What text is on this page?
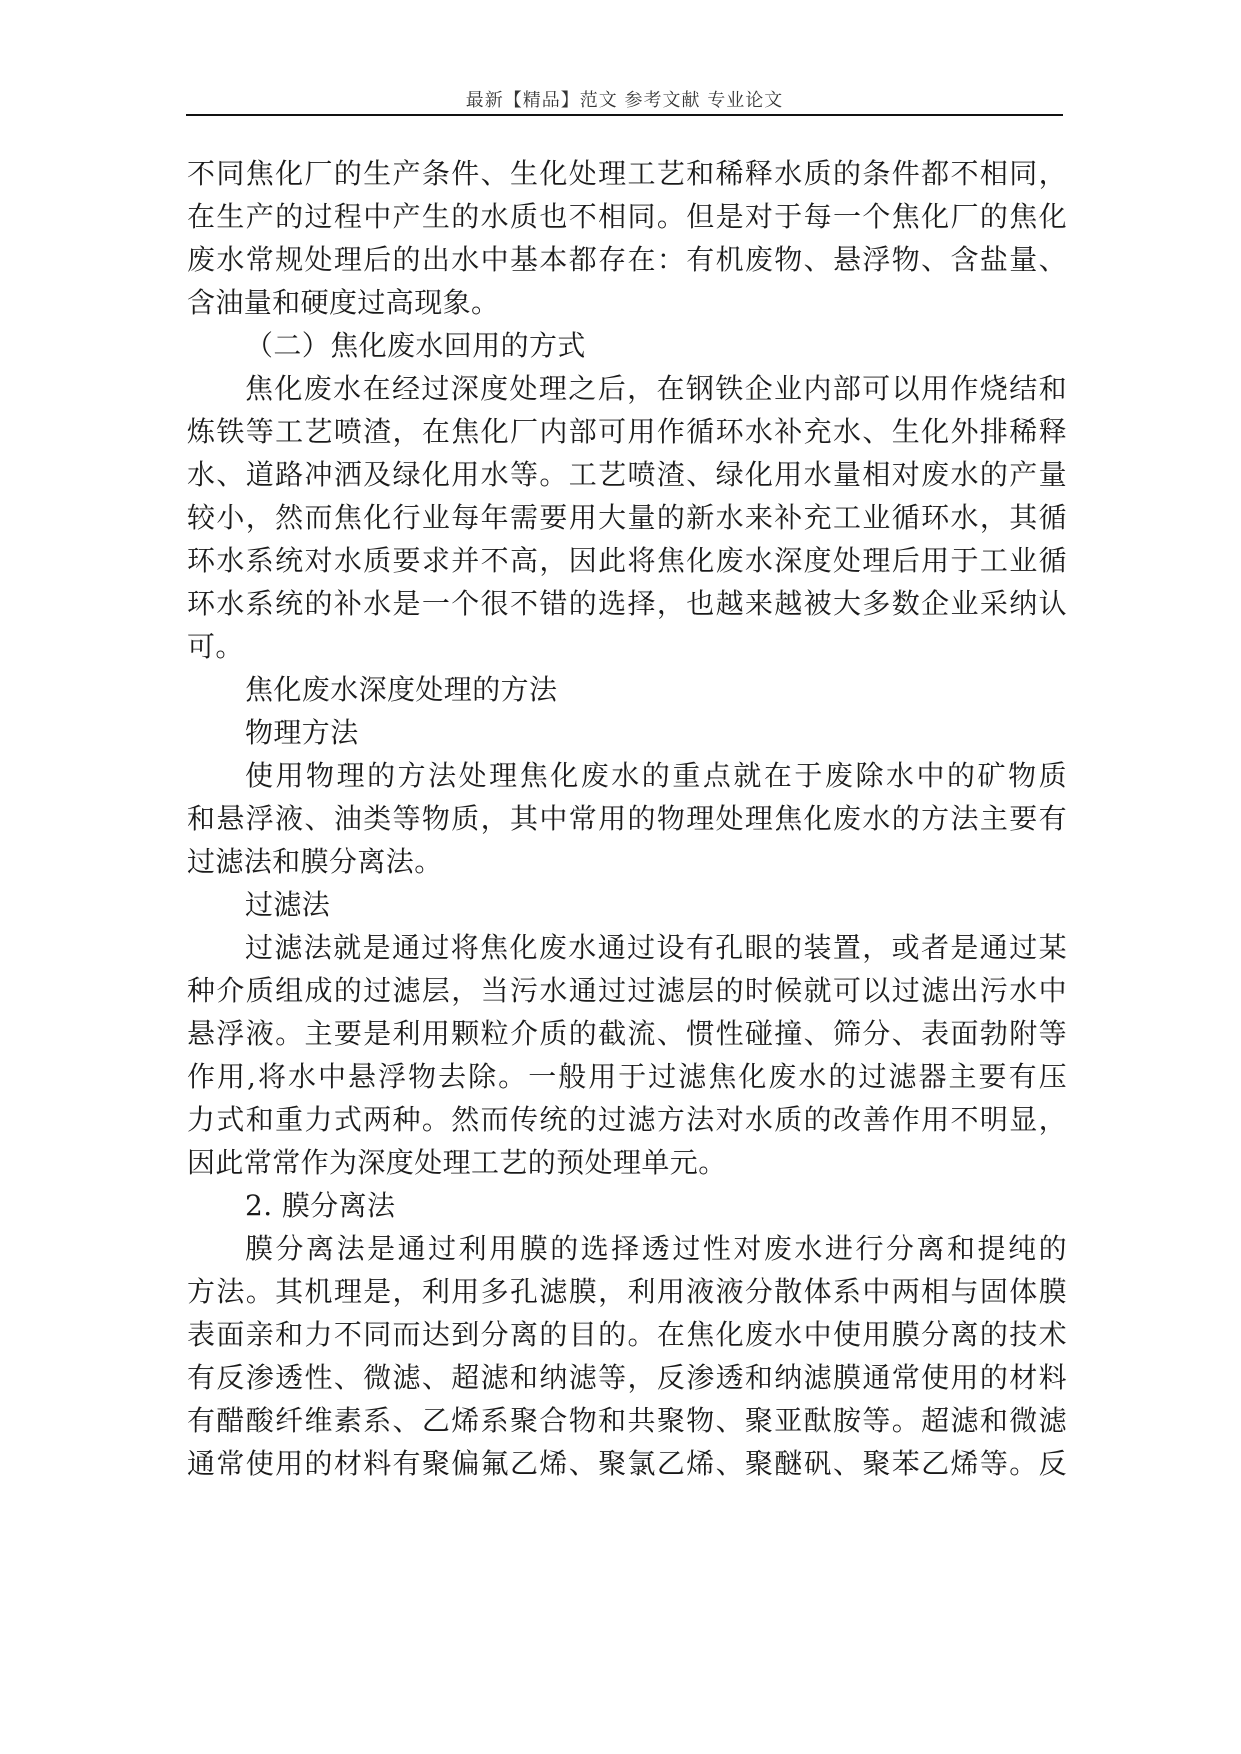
最新【精品】范文 参考文献 专业论文
不同焦化厂的生产条件、生化处理工艺和稀释水质的条件都不相同，
在生产的过程中产生的水质也不相同。但是对于每一个焦化厂的焦化
废水常规处理后的出水中基本都存在：有机废物、悬浮物、含盐量、
含油量和硬度过高现象。
（二）焦化废水回用的方式
焦化废水在经过深度处理之后，在钢铁企业内部可以用作烧结和
炼铁等工艺喷渣，在焦化厂内部可用作循环水补充水、生化外排稀释
水、道路冲洒及绿化用水等。工艺喷渣、绿化用水量相对废水的产量
较小，然而焦化行业每年需要用大量的新水来补充工业循环水，其循
环水系统对水质要求并不高，因此将焦化废水深度处理后用于工业循
环水系统的补水是一个很不错的选择，也越来越被大多数企业采纳认
可。
焦化废水深度处理的方法
物理方法
使用物理的方法处理焦化废水的重点就在于废除水中的矿物质
和悬浮液、油类等物质，其中常用的物理处理焦化废水的方法主要有
过滤法和膜分离法。
过滤法
过滤法就是通过将焦化废水通过设有孔眼的装置，或者是通过某
种介质组成的过滤层，当污水通过过滤层的时候就可以过滤出污水中
悬浮液。主要是利用颗粒介质的截流、惯性碰撞、筛分、表面勃附等
作用,将水中悬浮物去除。一般用于过滤焦化废水的过滤器主要有压
力式和重力式两种。然而传统的过滤方法对水质的改善作用不明显，
因此常常作为深度处理工艺的预处理单元。
2. 膜分离法
膜分离法是通过利用膜的选择透过性对废水进行分离和提纯的
方法。其机理是，利用多孔滤膜，利用液液分散体系中两相与固体膜
表面亲和力不同而达到分离的目的。在焦化废水中使用膜分离的技术
有反渗透性、微滤、超滤和纳滤等，反渗透和纳滤膜通常使用的材料
有醋酸纤维素系、乙烯系聚合物和共聚物、聚亚酞胺等。超滤和微滤
通常使用的材料有聚偏氟乙烯、聚氯乙烯、聚醚矾、聚苯乙烯等。反
